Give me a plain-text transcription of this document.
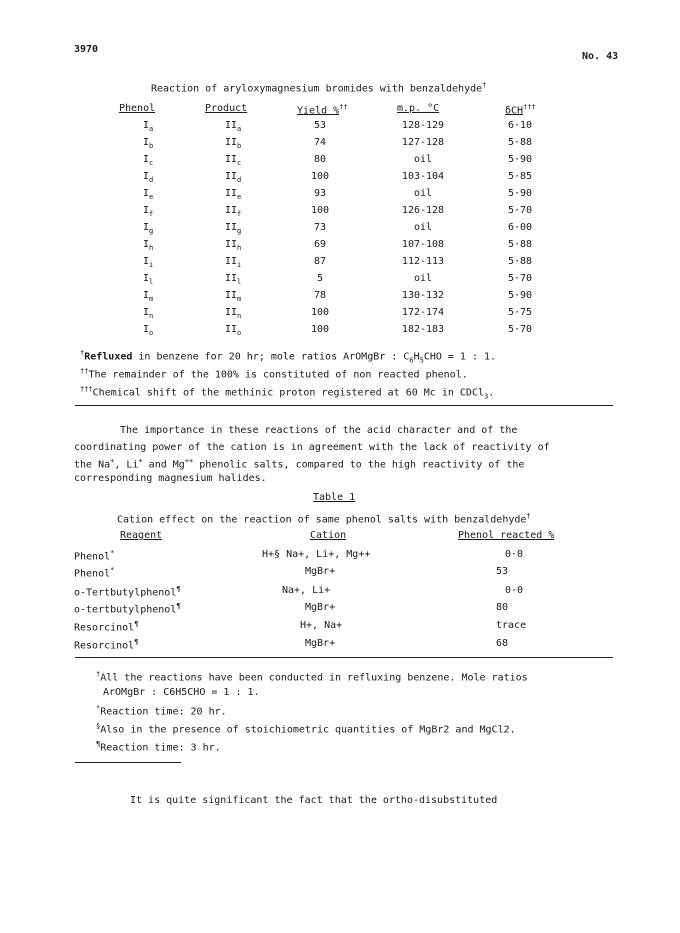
3970
No. 43
Reaction of aryloxymagnesium bromides with benzaldehyde†
Phenol	Product	Yield %††	m.p. °C	δCH†††
$I_a$	$II_a$	53	128-129	6·10
$I_b$	$II_b$	74	127-128	5·88
$I_c$	$II_c$	80	oil	5·90
$I_d$	$II_d$	100	103-104	5·85
$I_e$	$II_e$	93	oil	5·90
$I_f$	$II_f$	100	126-128	5·70
$I_g$	$II_g$	73	oil	6·00
$I_h$	$II_h$	69	107-108	5·88
$I_i$	$II_i$	87	112-113	5·88
$I_l$	$II_l$	5	oil	5·70
$I_m$	$II_m$	78	130-132	5·90
$I_n$	$II_n$	100	172-174	5·75
$I_o$	$II_o$	100	182-183	5·70
†Refluxed in benzene for 20 hr; mole ratios ArOMgBr : $C_6H_5CHO = 1$ : 1.
††The remainder of the 100% is constituted of non reacted phenol.
†††Chemical shift of the methinic proton registered at 60 Mc in CDCl$_3$.
The importance in these reactions of the acid character and of the
coordinating power of the cation is in agreement with the lack of reactivity of
the Na+, Li+ and Mg++ phenolic salts, compared to the high reactivity of the
corresponding magnesium halides.
Table 1
Cation effect on the reaction of same phenol salts with benzaldehyde†
Reagent	Cation	Phenol reacted %
Phenol*	H+§ Na+, Li+, Mg++	0·0
Phenol*	MgBr+	53
o-Tertbutylphenol¶	Na+, Li+	0·0
o-tertbutylphenol¶	MgBr+	80
Resorcinol¶	H+, Na+	trace
Resorcinol¶	MgBr+	68
†All the reactions have been conducted in refluxing benzene. Mole ratios
ArOMgBr : C6H5CHO = 1 : 1.
*Reaction time: 20 hr.
§Also in the presence of stoichiometric quantities of MgBr2 and MgCl2.
¶Reaction time: 3 hr.
It is quite significant the fact that the ortho-disubstituted
